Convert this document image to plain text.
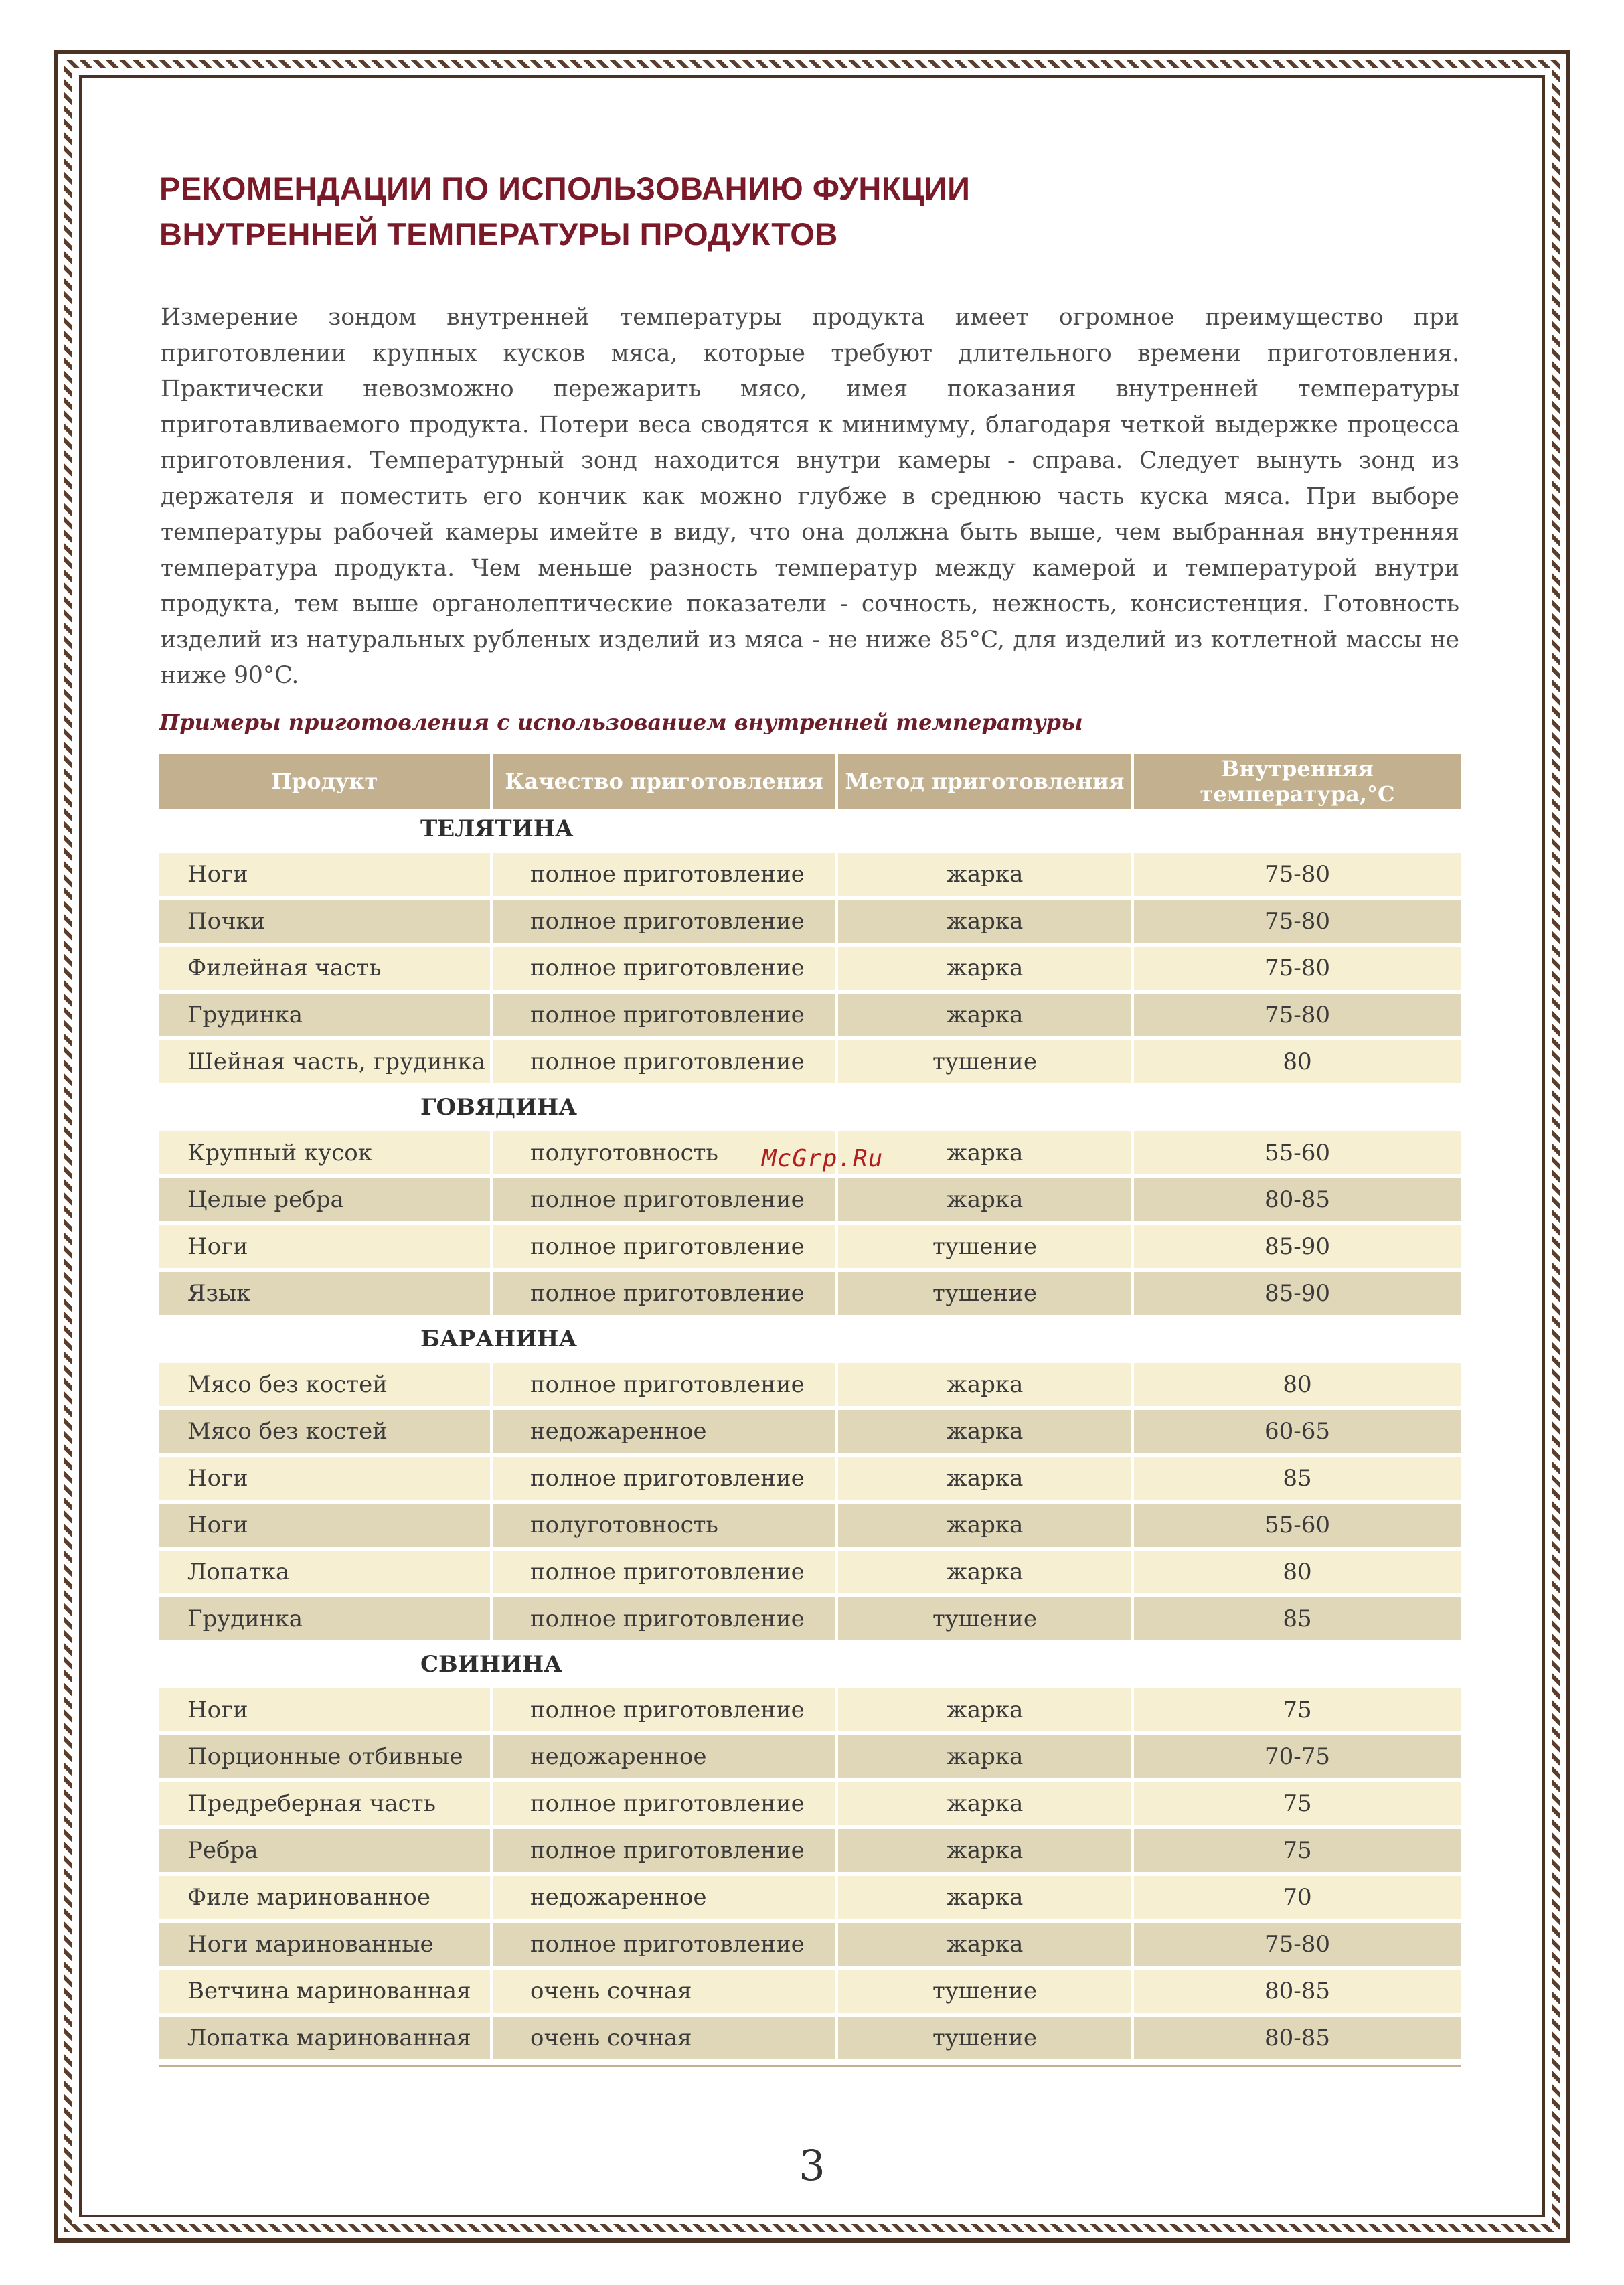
РЕКОМЕНДАЦИИ ПО ИСПОЛЬЗОВАНИЮ ФУНКЦИИ
ВНУТРЕННЕЙ ТЕМПЕРАТУРЫ ПРОДУКТОВ
Измерение зондом внутренней температуры продукта имеет огромное преимущество при приготовлении крупных кусков мяса, которые требуют длительного времени приготовления. Практически невозможно пережарить мясо, имея показания внутренней температуры приготавливаемого продукта. Потери веса сводятся к минимуму, благодаря четкой выдержке процесса приготовления. Температурный зонд находится внутри камеры - справа. Следует вынуть зонд из держателя и поместить его кончик как можно глубже в среднюю часть куска мяса. При выборе температуры рабочей камеры имейте в виду, что она должна быть выше, чем выбранная внутренняя температура продукта. Чем меньше разность температур между камерой и температурой внутри продукта, тем выше органолептические показатели - сочность, нежность, консистенция. Готовность изделий из натуральных рубленых изделий из мяса - не ниже 85°C, для изделий из котлетной массы не ниже 90°C.
Примеры приготовления с использованием внутренней температуры
Продукт	Качество приготовления	Метод приготовления	Внутренняя температура,°C
ТЕЛЯТИНА			
Ноги	полное приготовление	жарка	75-80
Почки	полное приготовление	жарка	75-80
Филейная часть	полное приготовление	жарка	75-80
Грудинка	полное приготовление	жарка	75-80
Шейная часть, грудинка	полное приготовление	тушение	80
ГОВЯДИНА			
Крупный кусок	полуготовность	жарка	55-60
Целые ребра	полное приготовление	жарка	80-85
Ноги	полное приготовление	тушение	85-90
Язык	полное приготовление	тушение	85-90
БАРАНИНА			
Мясо без костей	полное приготовление	жарка	80
Мясо без костей	недожаренное	жарка	60-65
Ноги	полное приготовление	жарка	85
Ноги	полуготовность	жарка	55-60
Лопатка	полное приготовление	жарка	80
Грудинка	полное приготовление	тушение	85
СВИНИНА			
Ноги	полное приготовление	жарка	75
Порционные отбивные	недожаренное	жарка	70-75
Предреберная часть	полное приготовление	жарка	75
Ребра	полное приготовление	жарка	75
Филе маринованное	недожаренное	жарка	70
Ноги маринованные	полное приготовление	жарка	75-80
Ветчина маринованная	очень сочная	тушение	80-85
Лопатка маринованная	очень сочная	тушение	80-85
McGrp.Ru
3
